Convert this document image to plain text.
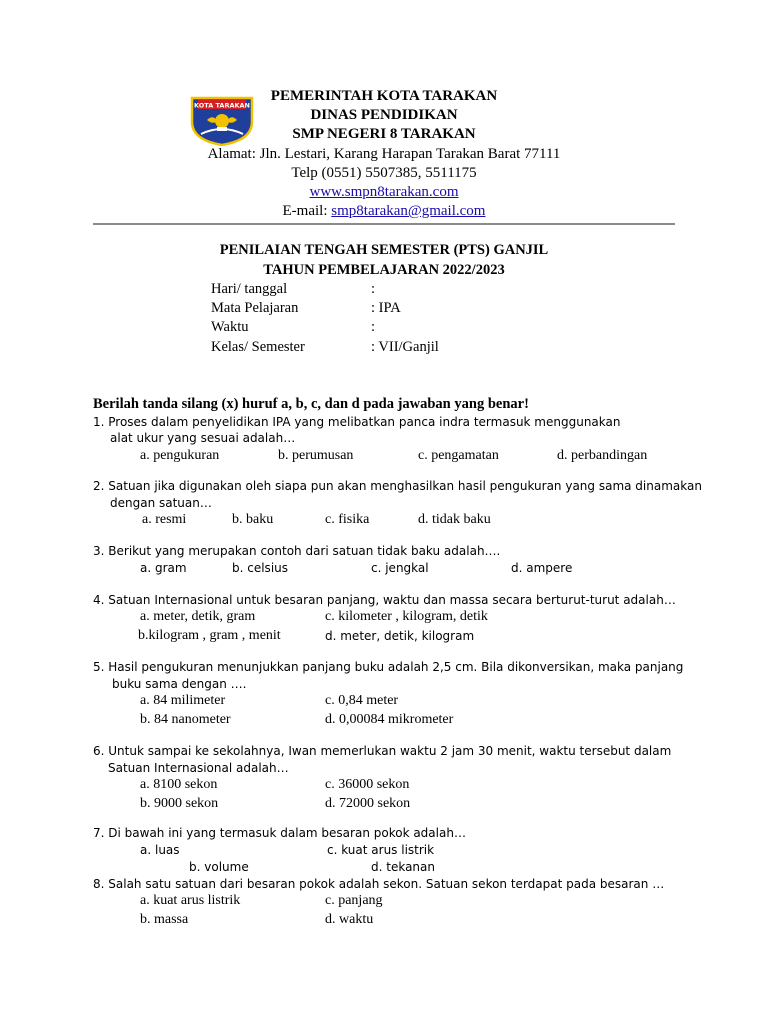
KOTA TARAKAN
PEMERINTAH KOTA TARAKAN
DINAS PENDIDIKAN
SMP NEGERI 8 TARAKAN
Alamat: Jln. Lestari, Karang Harapan Tarakan Barat 77111
Telp (0551) 5507385, 5511175
www.smpn8tarakan.com
E-mail: smp8tarakan@gmail.com
PENILAIAN TENGAH SEMESTER (PTS) GANJIL
TAHUN PEMBELAJARAN 2022/2023
Hari/ tanggal	:
Mata Pelajaran	: IPA
Waktu	:
Kelas/ Semester	: VII/Ganjil
Berilah tanda silang (x) huruf a, b, c, dan d pada jawaban yang benar!
1. Proses dalam penyelidikan IPA yang melibatkan panca indra termasuk menggunakan
alat ukur yang sesuai adalah…
a. pengukuran	b. perumusan	c. pengamatan	d. perbandingan
2. Satuan jika digunakan oleh siapa pun akan menghasilkan hasil pengukuran yang sama dinamakan
dengan satuan…
a. resmi	b. baku	c. fisika	d. tidak baku
3. Berikut yang merupakan contoh dari satuan tidak baku adalah….
a. gram	b. celsius	c. jengkal	d. ampere
4. Satuan Internasional untuk besaran panjang, waktu dan massa secara berturut-turut adalah…
a. meter, detik, gram	c. kilometer , kilogram, detik
b.kilogram , gram , menit	d. meter, detik, kilogram
5. Hasil pengukuran menunjukkan panjang buku adalah 2,5 cm. Bila dikonversikan, maka panjang
buku sama dengan ….
a. 84 milimeter	c. 0,84 meter
b. 84 nanometer	d. 0,00084 mikrometer
6. Untuk sampai ke sekolahnya, Iwan memerlukan waktu 2 jam 30 menit, waktu tersebut dalam
Satuan Internasional adalah…
a. 8100 sekon	c. 36000 sekon
b. 9000 sekon	d. 72000 sekon
7. Di bawah ini yang termasuk dalam besaran pokok adalah…
a. luas	c. kuat arus listrik
b. volume	d. tekanan
8. Salah satu satuan dari besaran pokok adalah sekon. Satuan sekon terdapat pada besaran …
a. kuat arus listrik	c. panjang
b. massa	d. waktu
